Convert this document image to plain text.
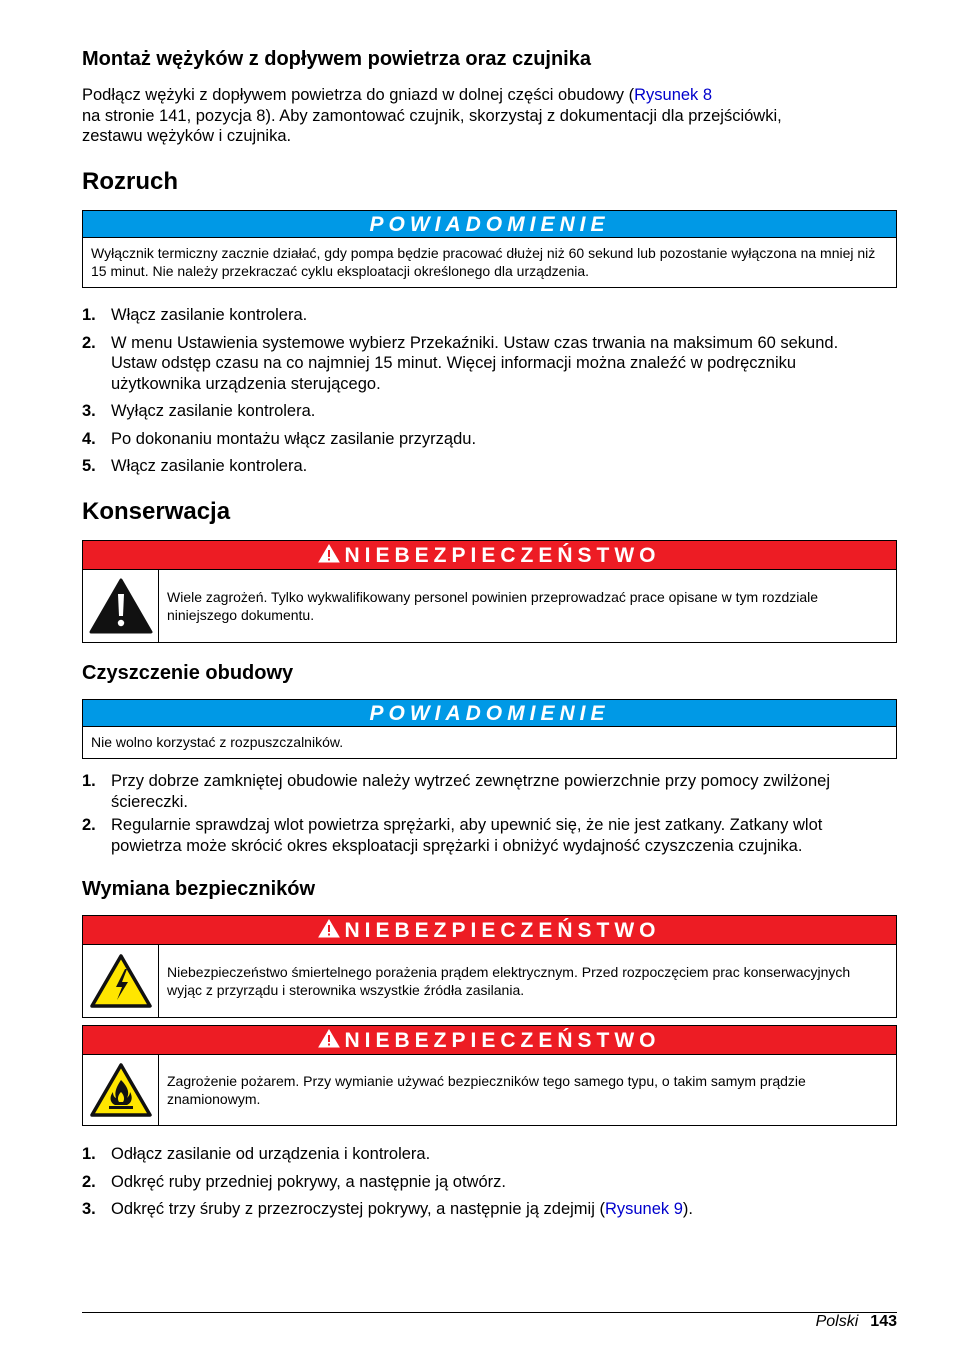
Montaż wężyków z dopływem powietrza oraz czujnika

Podłącz wężyki z dopływem powietrza do gniazd w dolnej części obudowy (Rysunek 8
na stronie 141, pozycja 8). Aby zamontować czujnik, skorzystaj z dokumentacji dla przejściówki,
zestawu wężyków i czujnika.

Rozruch
POWIADOMIENIE
Wyłącznik termiczny zacznie działać, gdy pompa będzie pracować dłużej niż 60 sekund lub pozostanie wyłączona na mniej niż 15 minut. Nie należy przekraczać cyklu eksploatacji określonego dla urządzenia.
1. Włącz zasilanie kontrolera.
2. W menu Ustawienia systemowe wybierz Przekaźniki. Ustaw czas trwania na maksimum 60 sekund. Ustaw odstęp czasu na co najmniej 15 minut. Więcej informacji można znaleźć w podręczniku użytkownika urządzenia sterującego.
3. Wyłącz zasilanie kontrolera.
4. Po dokonaniu montażu włącz zasilanie przyrządu.
5. Włącz zasilanie kontrolera.
Konserwacja
NIEBEZPIECZEŃSTWO
Wiele zagrożeń. Tylko wykwalifikowany personel powinien przeprowadzać prace opisane w tym rozdziale niniejszego dokumentu.
Czyszczenie obudowy
POWIADOMIENIE
Nie wolno korzystać z rozpuszczalników.
1. Przy dobrze zamkniętej obudowie należy wytrzeć zewnętrzne powierzchnie przy pomocy zwilżonej ściereczki.
2. Regularnie sprawdzaj wlot powietrza sprężarki, aby upewnić się, że nie jest zatkany. Zatkany wlot powietrza może skrócić okres eksploatacji sprężarki i obniżyć wydajność czyszczenia czujnika.
Wymiana bezpieczników
NIEBEZPIECZEŃSTWO
Niebezpieczeństwo śmiertelnego porażenia prądem elektrycznym. Przed rozpoczęciem prac konserwacyjnych wyjąc z przyrządu i sterownika wszystkie źródła zasilania.
NIEBEZPIECZEŃSTWO
Zagrożenie pożarem. Przy wymianie używać bezpieczników tego samego typu, o takim samym prądzie znamionowym.
1. Odłącz zasilanie od urządzenia i kontrolera.
2. Odkręć ruby przedniej pokrywy, a następnie ją otwórz.
3. Odkręć trzy śruby z przezroczystej pokrywy, a następnie ją zdejmij (Rysunek 9).
Polski 143
